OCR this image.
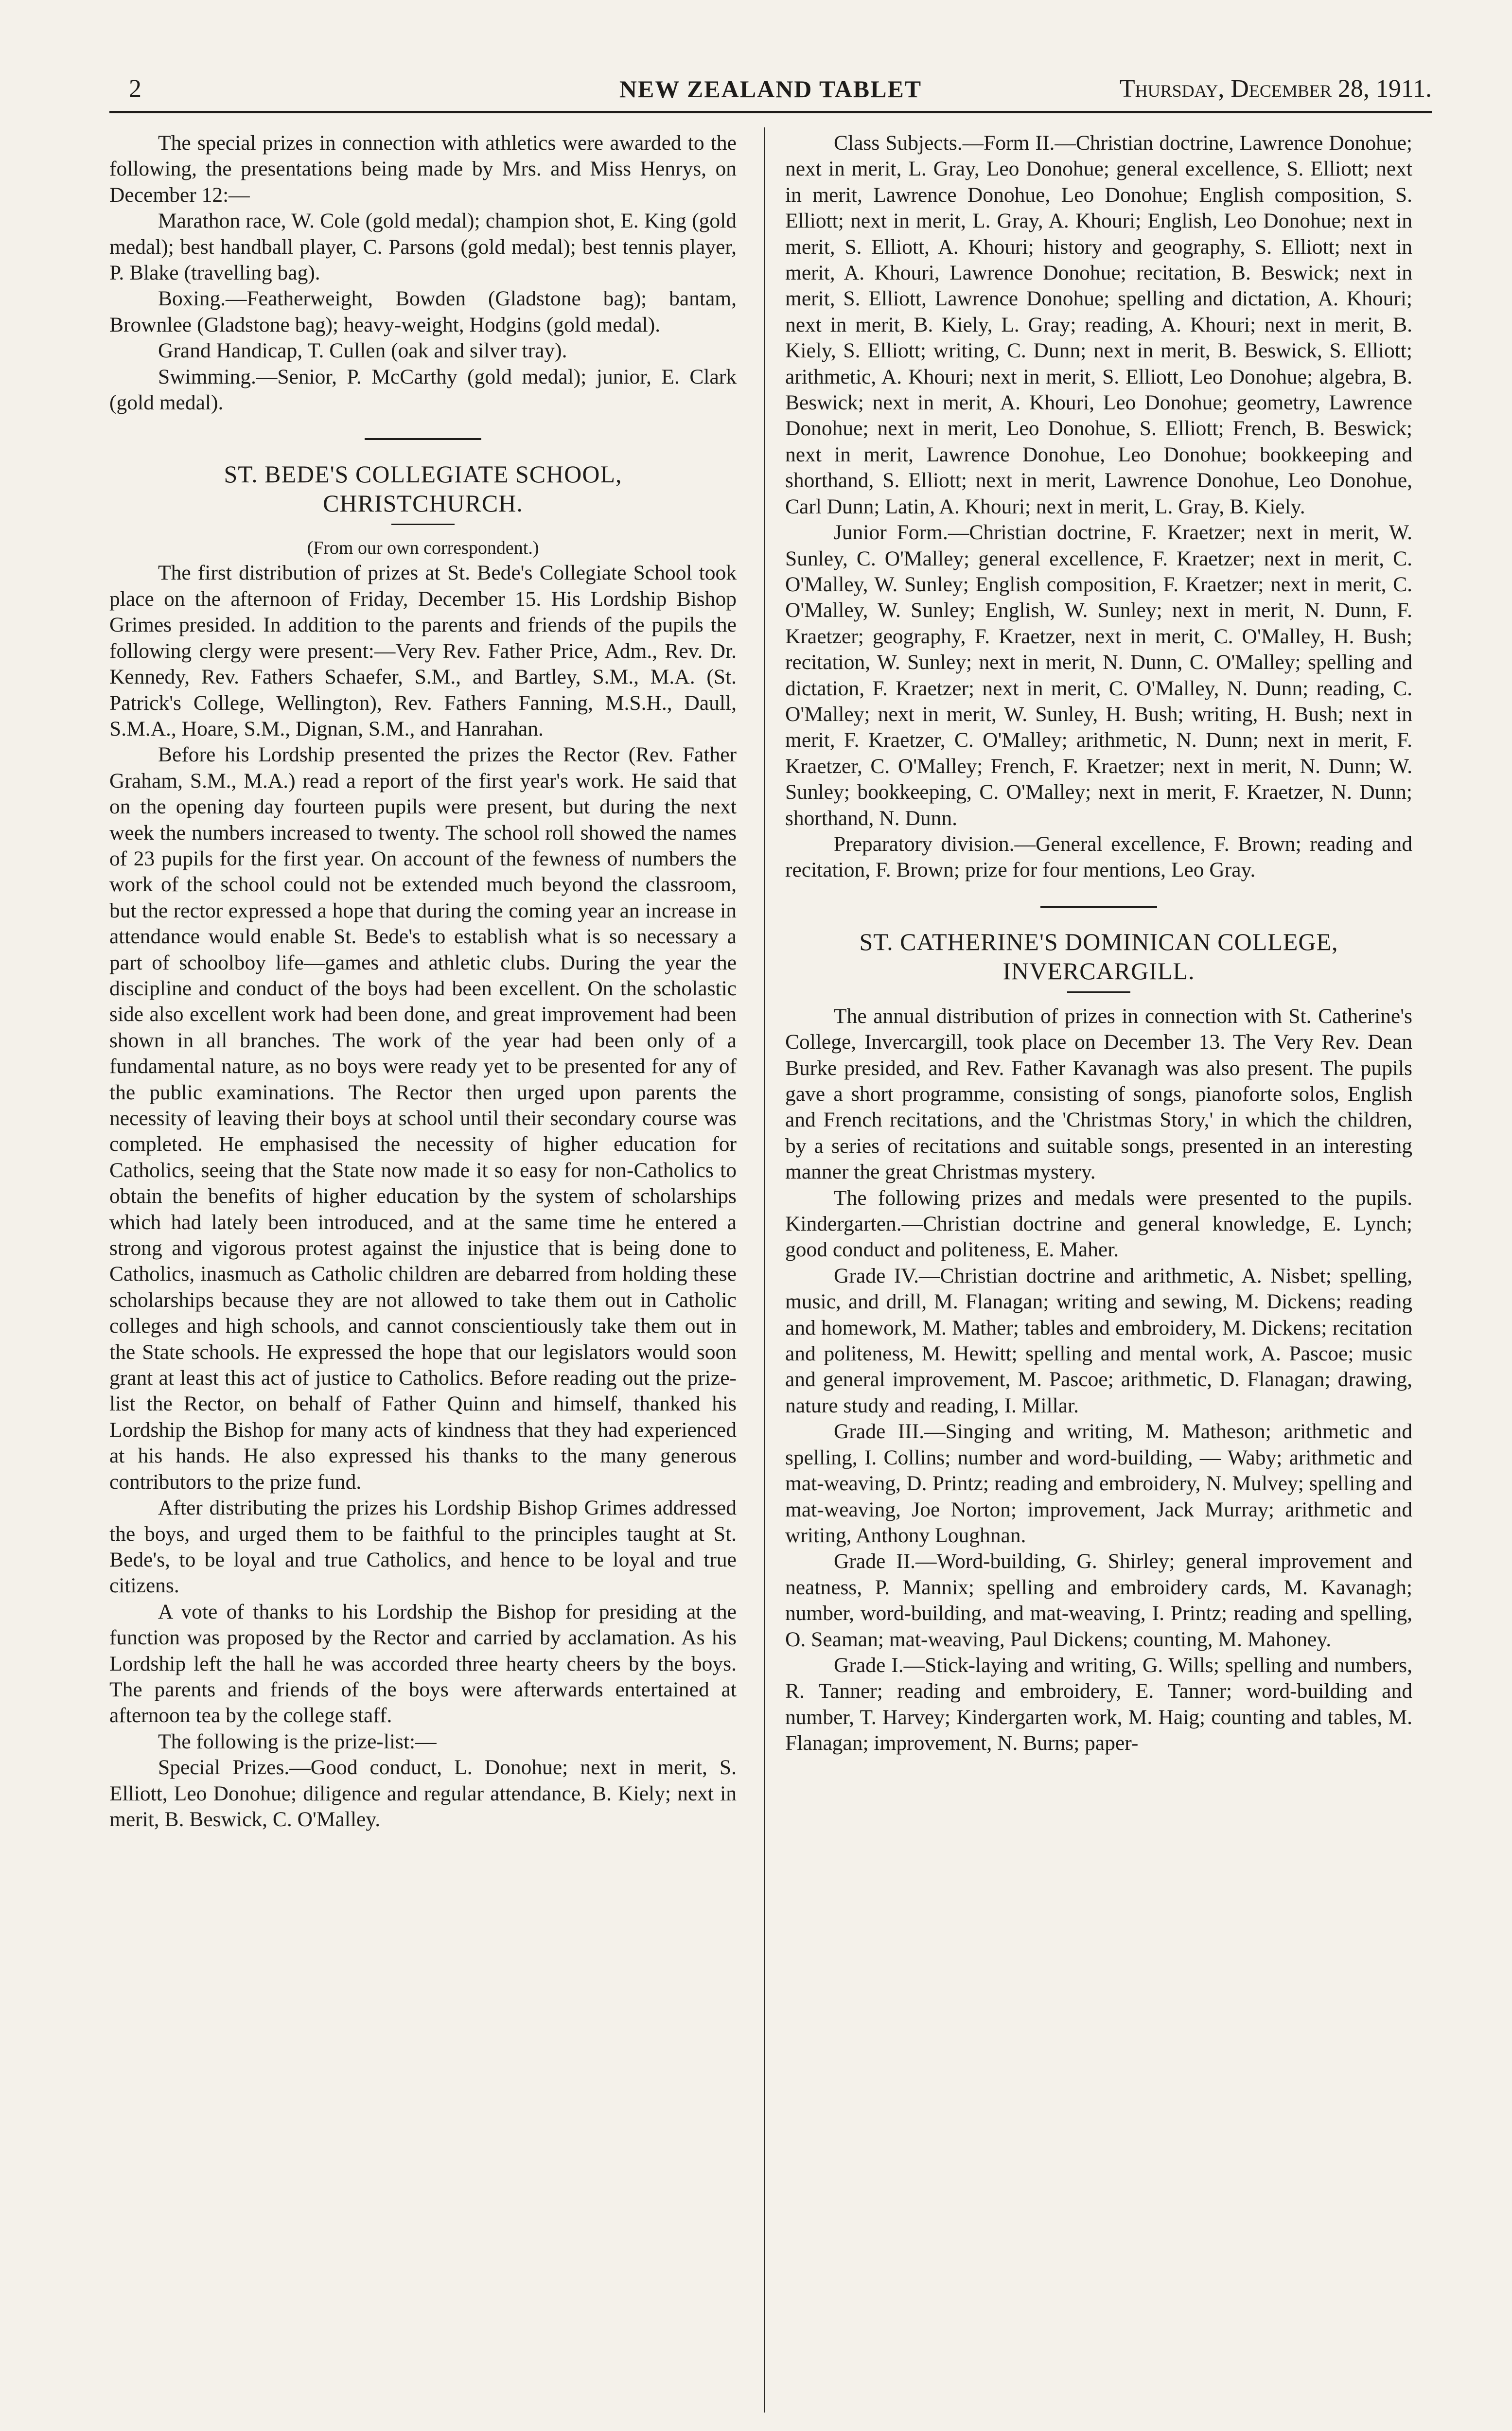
2	NEW ZEALAND TABLET	Thursday, December 28, 1911.

The special prizes in connection with athletics were awarded to the following, the presentations being made by Mrs. and Miss Henrys, on December 12:—

Marathon race, W. Cole (gold medal); champion shot, E. King (gold medal); best handball player, C. Parsons (gold medal); best tennis player, P. Blake (travelling bag).

Boxing.—Featherweight, Bowden (Gladstone bag); bantam, Brownlee (Gladstone bag); heavy-weight, Hodgins (gold medal).

Grand Handicap, T. Cullen (oak and silver tray).

Swimming.—Senior, P. McCarthy (gold medal); junior, E. Clark (gold medal).

ST. BEDE'S COLLEGIATE SCHOOL,
CHRISTCHURCH.
(From our own correspondent.)

The first distribution of prizes at St. Bede's Collegiate School took place on the afternoon of Friday, December 15. His Lordship Bishop Grimes presided. In addition to the parents and friends of the pupils the following clergy were present:—Very Rev. Father Price, Adm., Rev. Dr. Kennedy, Rev. Fathers Schaefer, S.M., and Bartley, S.M., M.A. (St. Patrick's College, Wellington), Rev. Fathers Fanning, M.S.H., Daull, S.M.A., Hoare, S.M., Dignan, S.M., and Hanrahan.

Before his Lordship presented the prizes the Rector (Rev. Father Graham, S.M., M.A.) read a report of the first year's work. He said that on the opening day fourteen pupils were present, but during the next week the numbers increased to twenty. The school roll showed the names of 23 pupils for the first year. On account of the fewness of numbers the work of the school could not be extended much beyond the classroom, but the rector expressed a hope that during the coming year an increase in attendance would enable St. Bede's to establish what is so necessary a part of schoolboy life—games and athletic clubs. During the year the discipline and conduct of the boys had been excellent. On the scholastic side also excellent work had been done, and great improvement had been shown in all branches. The work of the year had been only of a fundamental nature, as no boys were ready yet to be presented for any of the public examinations. The Rector then urged upon parents the necessity of leaving their boys at school until their secondary course was completed. He emphasised the necessity of higher education for Catholics, seeing that the State now made it so easy for non-Catholics to obtain the benefits of higher education by the system of scholarships which had lately been introduced, and at the same time he entered a strong and vigorous protest against the injustice that is being done to Catholics, inasmuch as Catholic children are debarred from holding these scholarships because they are not allowed to take them out in Catholic colleges and high schools, and cannot conscientiously take them out in the State schools. He expressed the hope that our legislators would soon grant at least this act of justice to Catholics. Before reading out the prize-list the Rector, on behalf of Father Quinn and himself, thanked his Lordship the Bishop for many acts of kindness that they had experienced at his hands. He also expressed his thanks to the many generous contributors to the prize fund.

After distributing the prizes his Lordship Bishop Grimes addressed the boys, and urged them to be faithful to the principles taught at St. Bede's, to be loyal and true Catholics, and hence to be loyal and true citizens.

A vote of thanks to his Lordship the Bishop for presiding at the function was proposed by the Rector and carried by acclamation. As his Lordship left the hall he was accorded three hearty cheers by the boys. The parents and friends of the boys were afterwards entertained at afternoon tea by the college staff.

The following is the prize-list:—

Special Prizes.—Good conduct, L. Donohue; next in merit, S. Elliott, Leo Donohue; diligence and regular attendance, B. Kiely; next in merit, B. Beswick, C. O'Malley.

Class Subjects.—Form II.—Christian doctrine, Lawrence Donohue; next in merit, L. Gray, Leo Donohue; general excellence, S. Elliott; next in merit, Lawrence Donohue, Leo Donohue; English composition, S. Elliott; next in merit, L. Gray, A. Khouri; English, Leo Donohue; next in merit, S. Elliott, A. Khouri; history and geography, S. Elliott; next in merit, A. Khouri, Lawrence Donohue; recitation, B. Beswick; next in merit, S. Elliott, Lawrence Donohue; spelling and dictation, A. Khouri; next in merit, B. Kiely, L. Gray; reading, A. Khouri; next in merit, B. Kiely, S. Elliott; writing, C. Dunn; next in merit, B. Beswick, S. Elliott; arithmetic, A. Khouri; next in merit, S. Elliott, Leo Donohue; algebra, B. Beswick; next in merit, A. Khouri, Leo Donohue; geometry, Lawrence Donohue; next in merit, Leo Donohue, S. Elliott; French, B. Beswick; next in merit, Lawrence Donohue, Leo Donohue; bookkeeping and shorthand, S. Elliott; next in merit, Lawrence Donohue, Leo Donohue, Carl Dunn; Latin, A. Khouri; next in merit, L. Gray, B. Kiely.

Junior Form.—Christian doctrine, F. Kraetzer; next in merit, W. Sunley, C. O'Malley; general excellence, F. Kraetzer; next in merit, C. O'Malley, W. Sunley; English composition, F. Kraetzer; next in merit, C. O'Malley, W. Sunley; English, W. Sunley; next in merit, N. Dunn, F. Kraetzer; geography, F. Kraetzer, next in merit, C. O'Malley, H. Bush; recitation, W. Sunley; next in merit, N. Dunn, C. O'Malley; spelling and dictation, F. Kraetzer; next in merit, C. O'Malley, N. Dunn; reading, C. O'Malley; next in merit, W. Sunley, H. Bush; writing, H. Bush; next in merit, F. Kraetzer, C. O'Malley; arithmetic, N. Dunn; next in merit, F. Kraetzer, C. O'Malley; French, F. Kraetzer; next in merit, N. Dunn; W. Sunley; bookkeeping, C. O'Malley; next in merit, F. Kraetzer, N. Dunn; shorthand, N. Dunn.

Preparatory division.—General excellence, F. Brown; reading and recitation, F. Brown; prize for four mentions, Leo Gray.

ST. CATHERINE'S DOMINICAN COLLEGE,
INVERCARGILL.

The annual distribution of prizes in connection with St. Catherine's College, Invercargill, took place on December 13. The Very Rev. Dean Burke presided, and Rev. Father Kavanagh was also present. The pupils gave a short programme, consisting of songs, pianoforte solos, English and French recitations, and the 'Christmas Story,' in which the children, by a series of recitations and suitable songs, presented in an interesting manner the great Christmas mystery.

The following prizes and medals were presented to the pupils. Kindergarten.—Christian doctrine and general knowledge, E. Lynch; good conduct and politeness, E. Maher.

Grade IV.—Christian doctrine and arithmetic, A. Nisbet; spelling, music, and drill, M. Flanagan; writing and sewing, M. Dickens; reading and homework, M. Mather; tables and embroidery, M. Dickens; recitation and politeness, M. Hewitt; spelling and mental work, A. Pascoe; music and general improvement, M. Pascoe; arithmetic, D. Flanagan; drawing, nature study and reading, I. Millar.

Grade III.—Singing and writing, M. Matheson; arithmetic and spelling, I. Collins; number and word-building, — Waby; arithmetic and mat-weaving, D. Printz; reading and embroidery, N. Mulvey; spelling and mat-weaving, Joe Norton; improvement, Jack Murray; arithmetic and writing, Anthony Loughnan.

Grade II.—Word-building, G. Shirley; general improvement and neatness, P. Mannix; spelling and embroidery cards, M. Kavanagh; number, word-building, and mat-weaving, I. Printz; reading and spelling, O. Seaman; mat-weaving, Paul Dickens; counting, M. Mahoney.

Grade I.—Stick-laying and writing, G. Wills; spelling and numbers, R. Tanner; reading and embroidery, E. Tanner; word-building and number, T. Harvey; Kindergarten work, M. Haig; counting and tables, M. Flanagan; improvement, N. Burns; paper-
